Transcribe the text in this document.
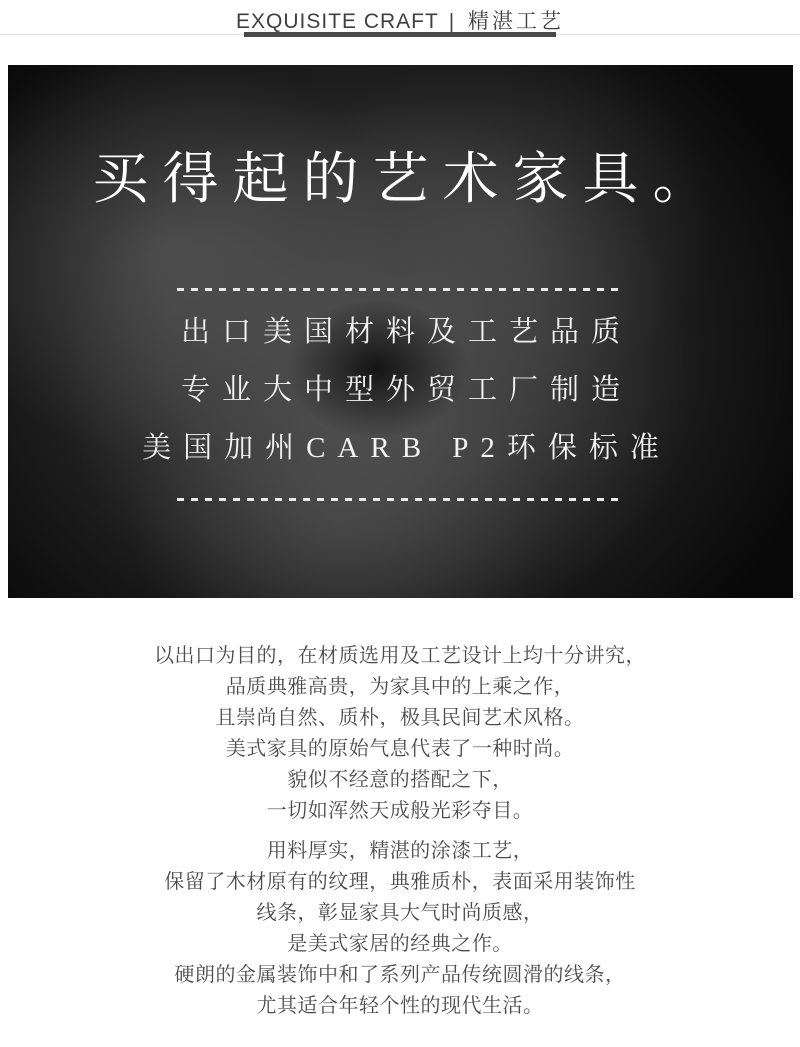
EXQUISITE CRAFT | 精湛工艺
买得起的艺术家具。
出口美国材料及工艺品质
专业大中型外贸工厂制造
美国加州CARB P2环保标准
以出口为目的，在材质选用及工艺设计上均十分讲究，
品质典雅高贵，为家具中的上乘之作，
且崇尚自然、质朴，极具民间艺术风格。
美式家具的原始气息代表了一种时尚。
貌似不经意的搭配之下，
一切如浑然天成般光彩夺目。
用料厚实，精湛的涂漆工艺，
保留了木材原有的纹理，典雅质朴，表面采用装饰性
线条，彰显家具大气时尚质感，
是美式家居的经典之作。
硬朗的金属装饰中和了系列产品传统圆滑的线条，
尤其适合年轻个性的现代生活。
